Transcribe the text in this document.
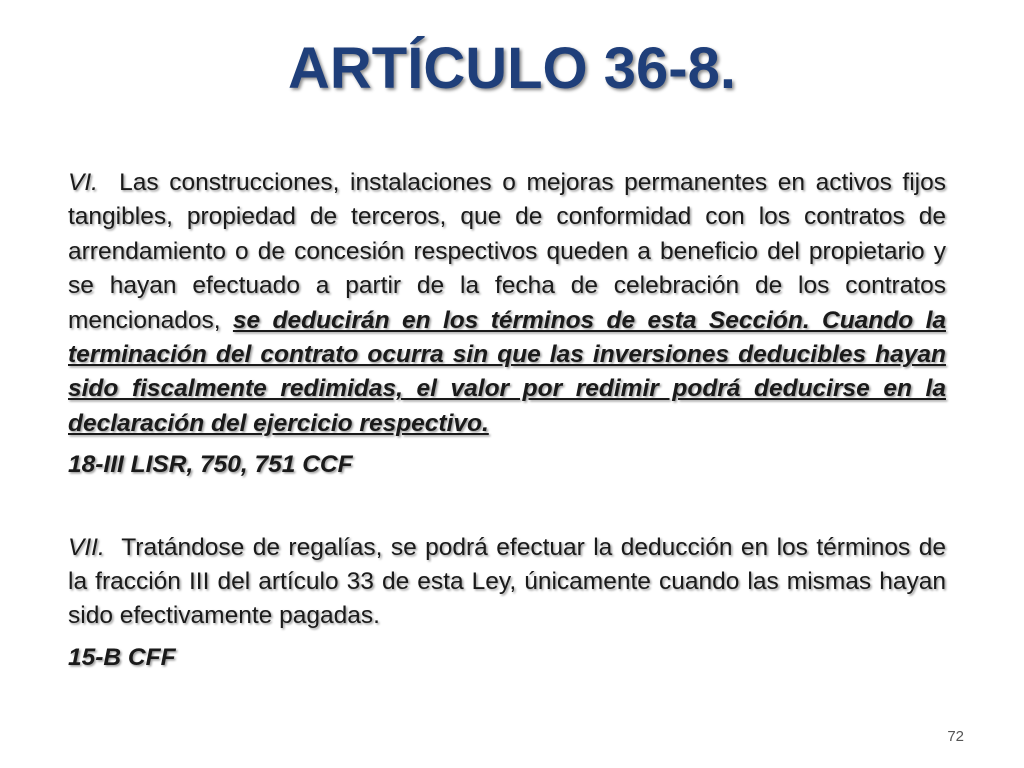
ARTÍCULO 36-8.

VI. Las construcciones, instalaciones o mejoras permanentes en activos fijos tangibles, propiedad de terceros, que de conformidad con los contratos de arrendamiento o de concesión respectivos queden a beneficio del propietario y se hayan efectuado a partir de la fecha de celebración de los contratos mencionados, se deducirán en los términos de esta Sección. Cuando la terminación del contrato ocurra sin que las inversiones deducibles hayan sido fiscalmente redimidas, el valor por redimir podrá deducirse en la declaración del ejercicio respectivo.

18-III LISR, 750, 751 CCF

VII. Tratándose de regalías, se podrá efectuar la deducción en los términos de la fracción III del artículo 33 de esta Ley, únicamente cuando las mismas hayan sido efectivamente pagadas.

15-B CFF

72
